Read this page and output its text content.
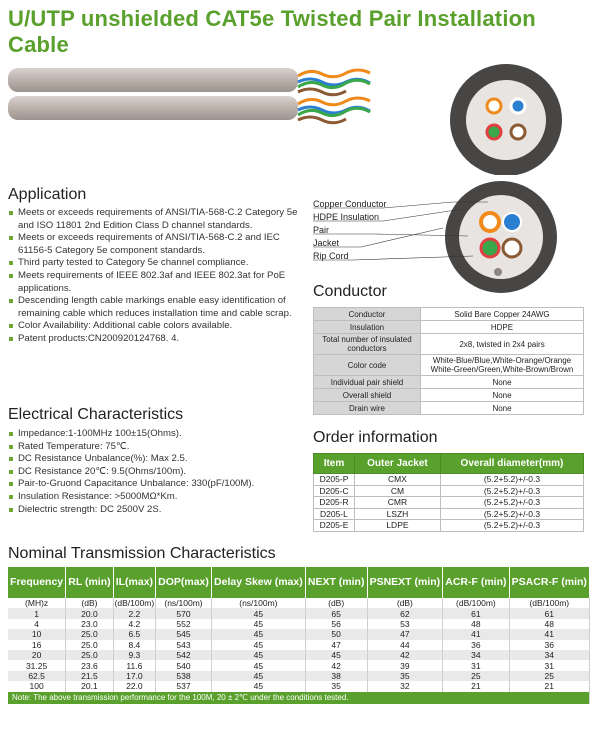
U/UTP unshielded CAT5e Twisted Pair Installation Cable
Copper Conductor
HDPE Insulation
Pair
Jacket
Rip Cord
Application
Meets or exceeds requirements of ANSI/TIA-568-C.2 Category 5e and ISO 11801 2nd Edition Class D channel standards.
Meets or exceeds requirements of ANSI/TIA-568-C.2 and IEC 61156-5 Category 5e component standards.
Third party tested to Category 5e channel compliance.
Meets requirements of IEEE 802.3af and IEEE 802.3at for PoE applications.
Descending length cable markings enable easy identification of remaining cable which reduces installation time and cable scrap.
Color Availability: Additional cable colors available.
Patent products:CN200920124768. 4.
Electrical Characteristics
Impedance:1-100MHz 100±15(Ohms).
Rated Temperature: 75℃.
DC Resistance Unbalance(%): Max 2.5.
DC Resistance 20℃: 9.5(Ohms/100m).
Pair-to-Gruond Capacitance Unbalance: 330(pF/100M).
Insulation Resistance: >5000MΩ*Km.
Dielectric strength: DC 2500V 2S.
Conductor
Conductor	Solid Bare Copper 24AWG
Insulation	HDPE
Total number of insulated conductors	2x8, twisted in 2x4 pairs
Color code	White-Blue/Blue,White-Orange/Orange White-Green/Green,White-Brown/Brown
Individual pair shield	None
Overall shield	None
Drain wire	None
Order information
Item	Outer Jacket	Overall diameter(mm)
D205-P	CMX	(5.2+5.2)+/-0.3
D205-C	CM	(5.2+5.2)+/-0.3
D205-R	CMR	(5.2+5.2)+/-0.3
D205-L	LSZH	(5.2+5.2)+/-0.3
D205-E	LDPE	(5.2+5.2)+/-0.3
Nominal Transmission Characteristics
Frequency	RL (min)	IL(max)	DOP(max)	Delay Skew (max)	NEXT (min)	PSNEXT (min)	ACR-F (min)	PSACR-F (min)
(MH)z	(dB)	(dB/100m)	(ns/100m)	(ns/100m)	(dB)	(dB)	(dB/100m)	(dB/100m)
1	20.0	2.2	570	45	65	62	61	61
4	23.0	4.2	552	45	56	53	48	48
10	25.0	6.5	545	45	50	47	41	41
16	25.0	8.4	543	45	47	44	36	36
20	25.0	9.3	542	45	45	42	34	34
31.25	23.6	11.6	540	45	42	39	31	31
62.5	21.5	17.0	538	45	38	35	25	25
100	20.1	22.0	537	45	35	32	21	21
Note: The above transmission performance for the 100M, 20 ± 2℃ under the conditions tested.								
